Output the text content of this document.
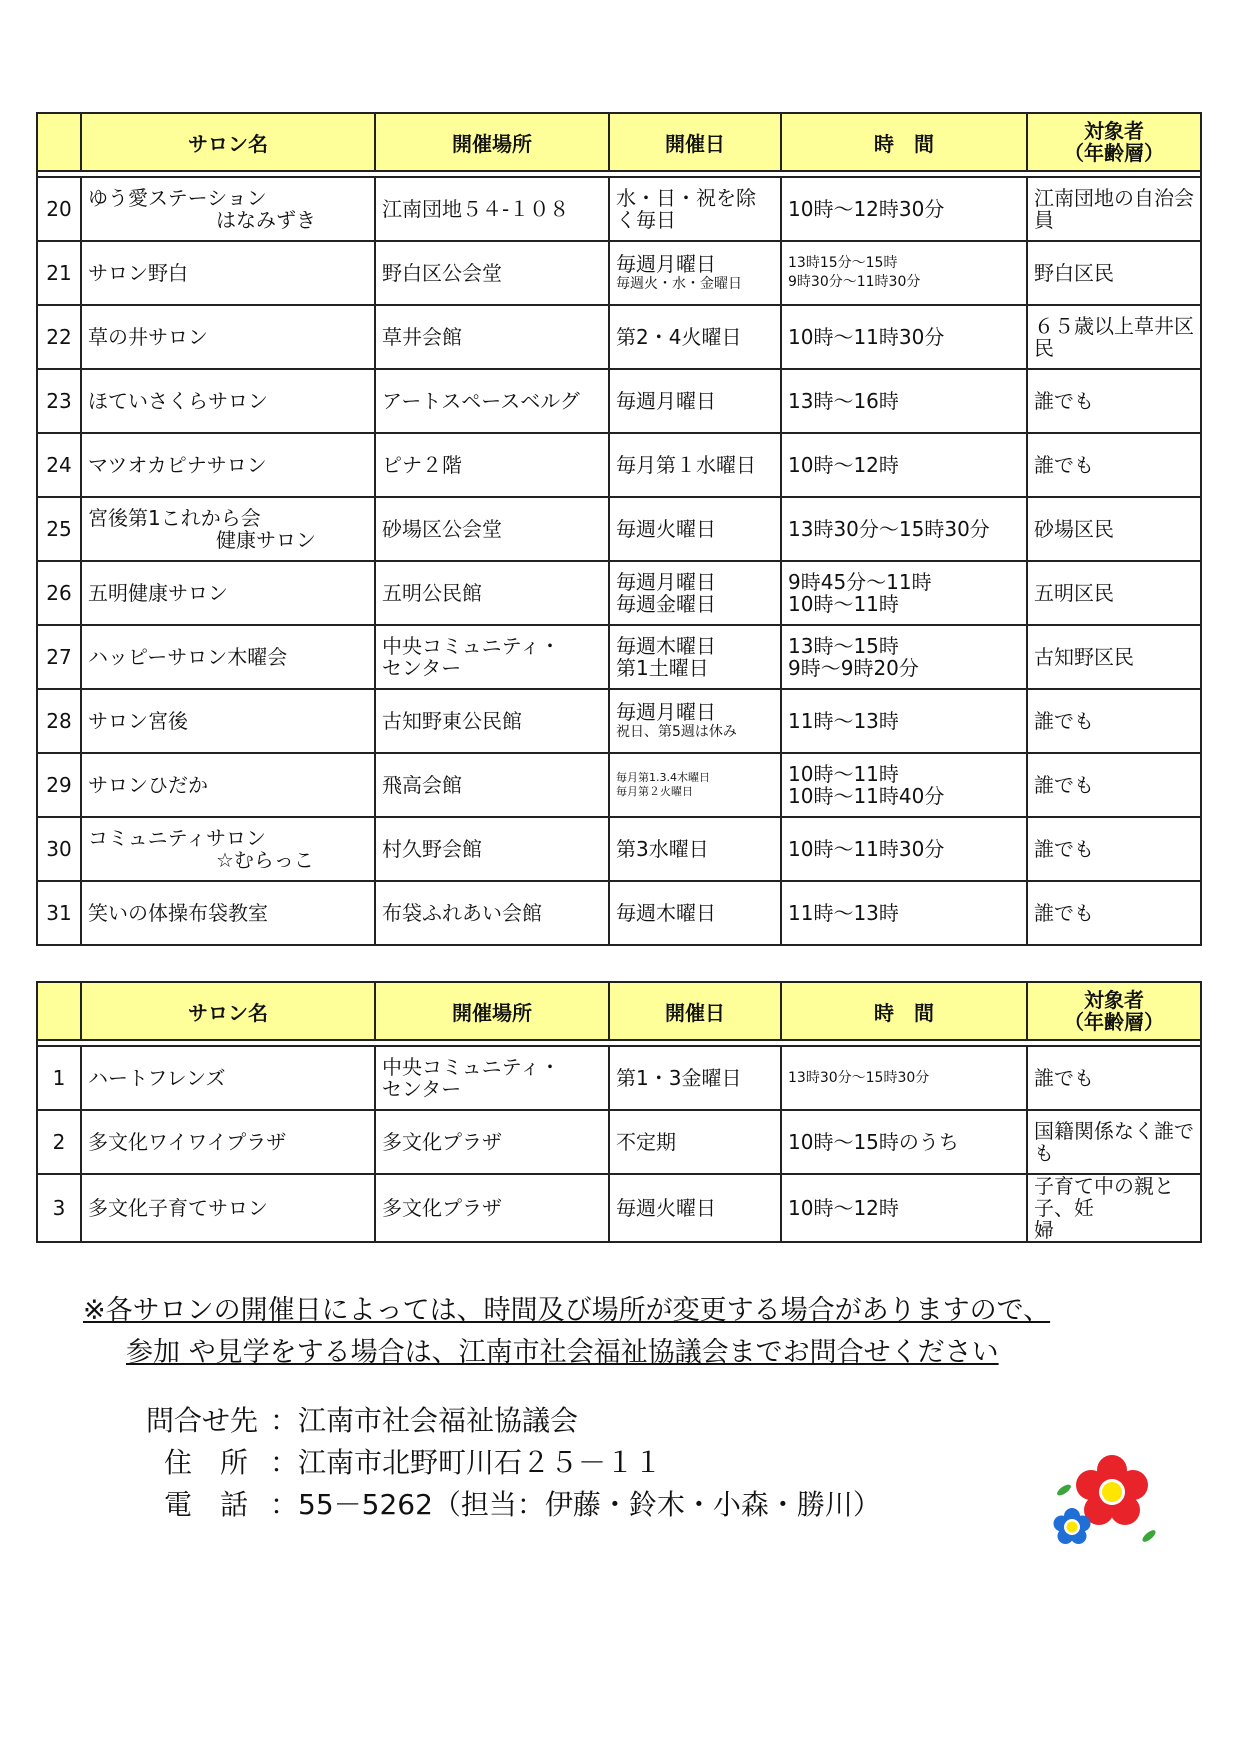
	サロン名	開催場所	開催日	時　間	対象者
（年齢層）

20	ゆう愛ステーション
はなみずき	江南団地５４-１０８	水・日・祝を除
く毎日	10時～12時30分	江南団地の自治会員

21	サロン野白	野白区公会堂	毎週月曜日
毎週火・水・金曜日	13時15分～15時
9時30分～11時30分	野白区民

22	草の井サロン	草井会館	第2・4火曜日	10時～11時30分	６５歳以上草井区民

23	ほていさくらサロン	アートスペースベルグ	毎週月曜日	13時～16時	誰でも

24	マツオカピナサロン	ピナ２階	毎月第１水曜日	10時～12時	誰でも

25	宮後第1これから会
健康サロン	砂場区公会堂	毎週火曜日	13時30分～15時30分	砂場区民

26	五明健康サロン	五明公民館	毎週月曜日
毎週金曜日	9時45分～11時
10時～11時	五明区民

27	ハッピーサロン木曜会	中央コミュニティ・
センター	毎週木曜日
第1土曜日	13時～15時
9時～9時20分	古知野区民

28	サロン宮後	古知野東公民館	毎週月曜日
祝日、第5週は休み	11時～13時	誰でも

29	サロンひだか	飛高会館	毎月第1.3.4木曜日
毎月第２火曜日	10時～11時
10時～11時40分	誰でも

30	コミュニティサロン
☆むらっこ	村久野会館	第3水曜日	10時～11時30分	誰でも

31	笑いの体操布袋教室	布袋ふれあい会館	毎週木曜日	11時～13時	誰でも
	サロン名	開催場所	開催日	時　間	対象者
（年齢層）

1	ハートフレンズ	中央コミュニティ・
センター	第1・3金曜日	13時30分～15時30分	誰でも

2	多文化ワイワイプラザ	多文化プラザ	不定期	10時～15時のうち	国籍関係なく誰でも

3	多文化子育てサロン	多文化プラザ	毎週火曜日	10時～12時	子育て中の親と子、妊
婦
※各サロンの開催日によっては、時間及び場所が変更する場合がありますので、
参加 や見学をする場合は、江南市社会福祉協議会までお問合せください
問合せ先 ：江南市社会福祉協議会
住　所 ：江南市北野町川石２５－１１
電　話 ：55－5262（担当：伊藤・鈴木・小森・勝川）
